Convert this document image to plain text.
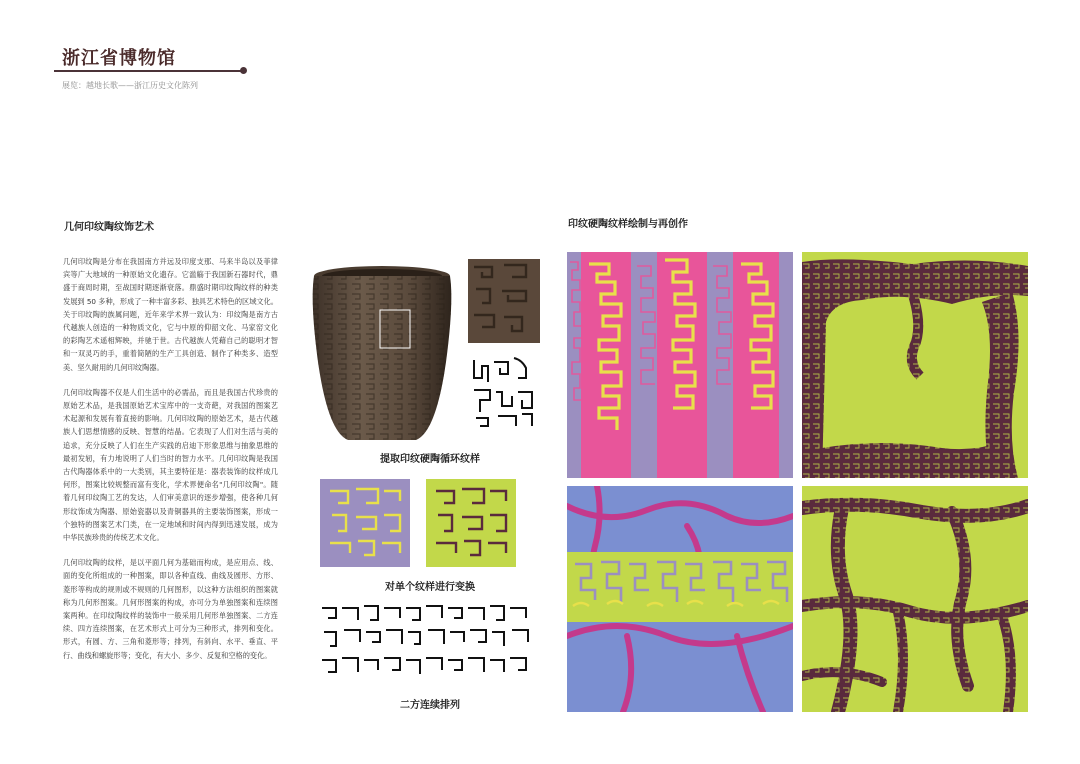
浙江省博物馆
展览：越地长歌——浙江历史文化陈列
几何印纹陶纹饰艺术

几何印纹陶是分布在我国南方并远及印度支那、马来半岛以及菲律宾等广大地域的一种原始文化遗存。它滥觞于我国新石器时代，鼎盛于商周时期，至战国时期逐渐衰落。鼎盛时期印纹陶纹样的种类发展到 50 多种，形成了一种丰富多彩、独具艺术特色的区域文化。关于印纹陶的族属问题，近年来学术界一致认为：印纹陶是南方古代越族人创造的一种物质文化，它与中原的仰韶文化、马家窑文化的彩陶艺术遥相辉映，并驰于世。古代越族人凭藉自己的聪明才智和一双灵巧的手，重着简陋的生产工具创造、制作了种类多、造型美、坚久耐用的几何印纹陶器。

几何印纹陶器不仅是人们生活中的必需品，而且是我国古代珍贵的原始艺术品，是我国原始艺术宝库中的一支奇葩，对我国的图案艺术起源和发展有着直接的影响。几何印纹陶的原始艺术，是古代越族人们思想情感的反映、智慧的结晶。它表现了人们对生活与美的追求，充分反映了人们在生产实践的启迪下形象思维与抽象思维的最初发轫，有力地说明了人们当时的智力水平。几何印纹陶是我国古代陶器体系中的一大类别，其主要特征是：器表装饰的纹样成几何形，图案比较规整而富有变化，学术界便命名"几何印纹陶"。随着几何印纹陶工艺的发达，人们审美意识的逐步增强，使各种几何形纹饰成为陶器、原始瓷器以及青铜器具的主要装饰图案，形成一个独特的图案艺术门类，在一定地域和时间内得到迅速发展，成为中华民族珍贵的传统艺术文化。

几何印纹陶的纹样，是以平面几何为基础而构成，是应用点、线、面的变化所组成的一种图案，即以各种直线、曲线及圆形、方形、菱形等构成的规则或不规则的几何图形，以这种方法组织的图案就称为几何形图案。几何形图案的构成，亦可分为单独图案和连续图案两种。在印纹陶纹样的装饰中一般采用几何形单独图案、二方连续、四方连续图案，在艺术形式上可分为三种形式，排列和变化。形式，有圆、方、三角和菱形等；排列，有斜向、水平、垂直、平行、曲线和螺旋形等；变化，有大小、多少、反复和空格的变化。

提取印纹硬陶循环纹样
对单个纹样进行变换
二方连续排列
印纹硬陶纹样绘制与再创作
